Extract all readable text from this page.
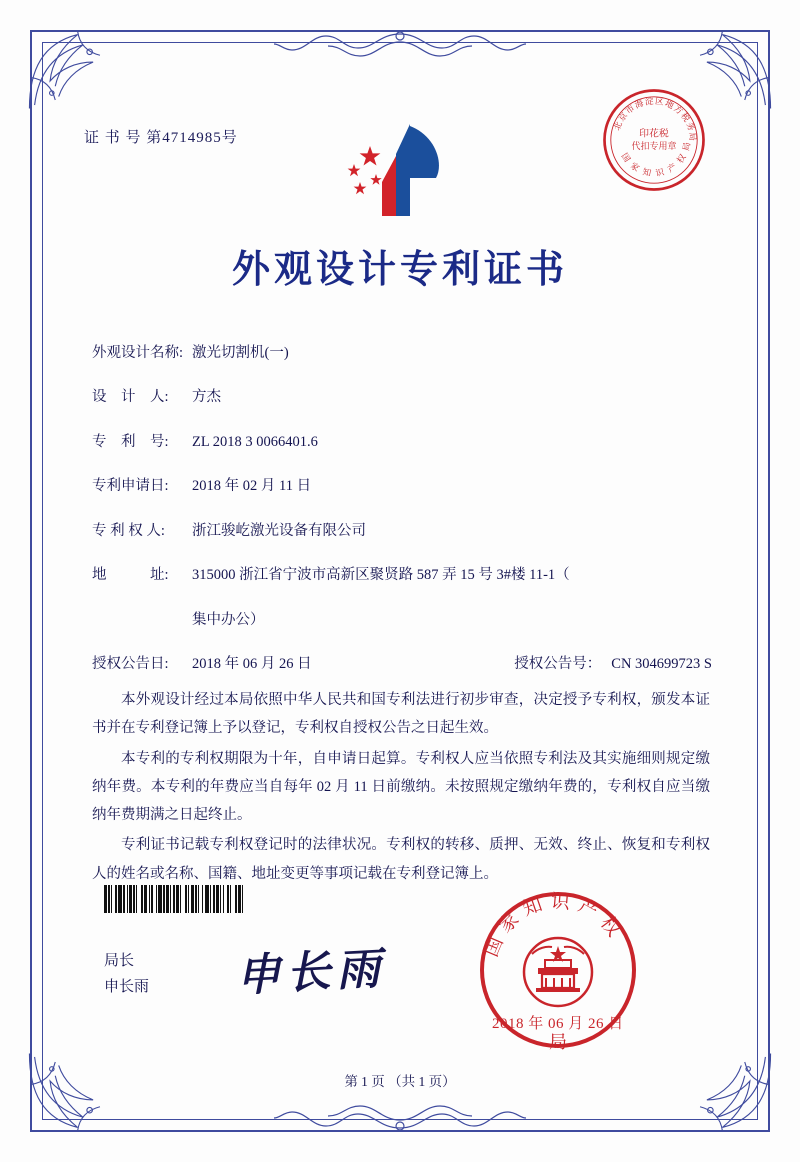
证 书 号 第4714985号
北京市海淀区地方税务局
国 家 知 识 产 权 局
印花税
代扣专用章
外观设计专利证书
外观设计名称: 激光切割机(一)
设　计　人:	方杰
专　利　号:	ZL 2018 3 0066401.6
专利申请日:	2018 年 02 月 11 日
专 利 权 人:	浙江骏屹激光设备有限公司
地　　　址:	315000 浙江省宁波市高新区聚贤路 587 弄 15 号 3#楼 11-1（
集中办公）
授权公告日:	2018 年 06 月 26 日	授权公告号： CN 304699723 S

本外观设计经过本局依照中华人民共和国专利法进行初步审查，决定授予专利权，颁发本证书并在专利登记簿上予以登记，专利权自授权公告之日起生效。

本专利的专利权期限为十年，自申请日起算。专利权人应当依照专利法及其实施细则规定缴纳年费。本专利的年费应当自每年 02 月 11 日前缴纳。未按照规定缴纳年费的，专利权自应当缴纳年费期满之日起终止。

专利证书记载专利权登记时的法律状况。专利权的转移、质押、无效、终止、恢复和专利权人的姓名或名称、国籍、地址变更等事项记载在专利登记簿上。

局长
申长雨 申长雨	国家知识产权
局
2018 年 06 月 26 日
第 1 页 （共 1 页）
